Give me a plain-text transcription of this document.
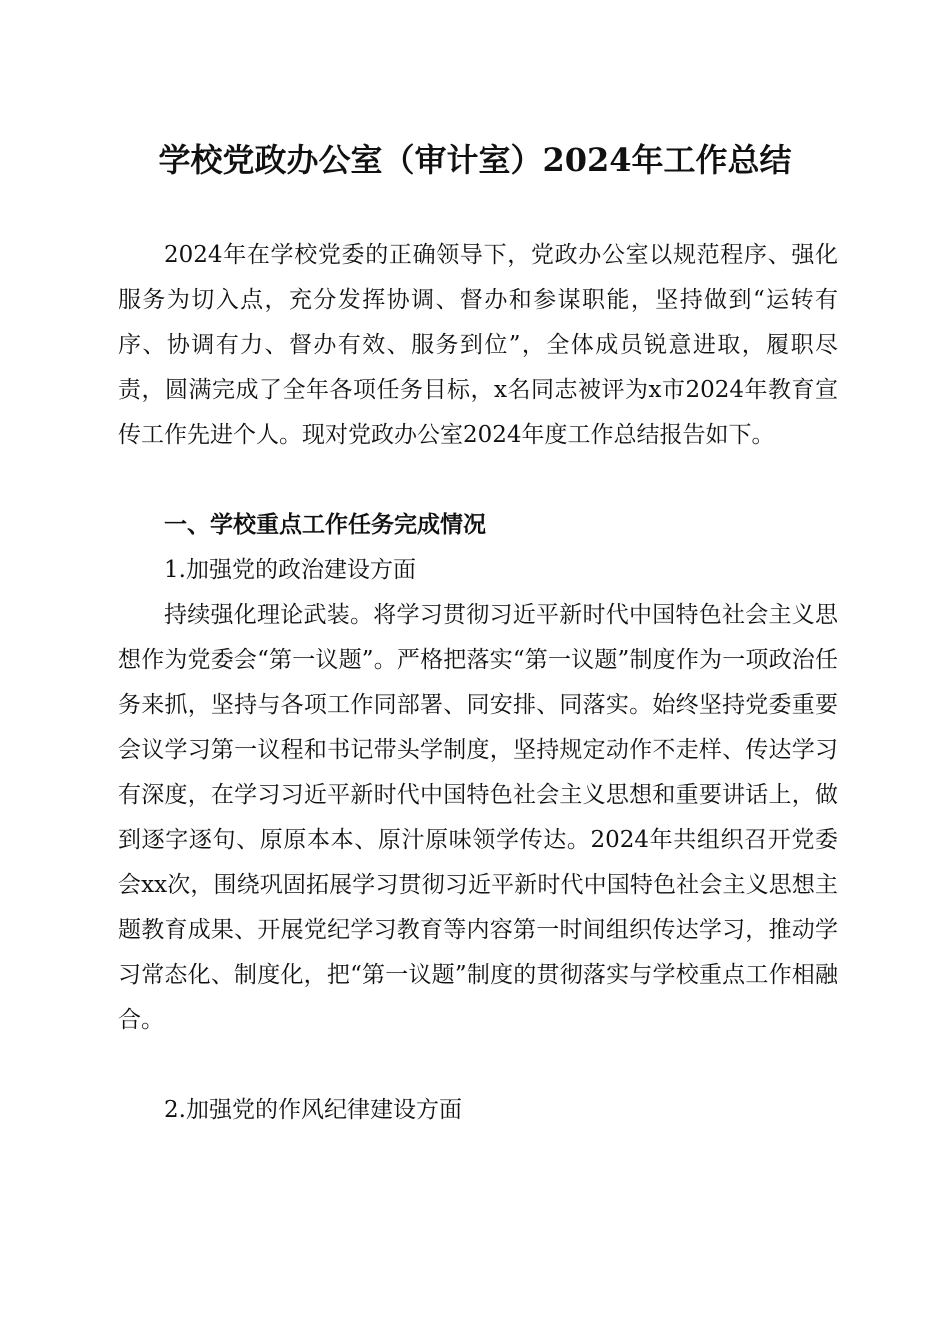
学校党政办公室（审计室）2024年工作总结

2024年在学校党委的正确领导下，党政办公室以规范程序、强化服务为切入点，充分发挥协调、督办和参谋职能，坚持做到“运转有序、协调有力、督办有效、服务到位”，全体成员锐意进取，履职尽责，圆满完成了全年各项任务目标，x名同志被评为x市2024年教育宣传工作先进个人。现对党政办公室2024年度工作总结报告如下。

一、学校重点工作任务完成情况
1.加强党的政治建设方面

持续强化理论武装。将学习贯彻习近平新时代中国特色社会主义思想作为党委会“第一议题”。严格把落实“第一议题”制度作为一项政治任务来抓，坚持与各项工作同部署、同安排、同落实。始终坚持党委重要会议学习第一议程和书记带头学制度，坚持规定动作不走样、传达学习有深度，在学习习近平新时代中国特色社会主义思想和重要讲话上，做到逐字逐句、原原本本、原汁原味领学传达。2024年共组织召开党委会xx次，围绕巩固拓展学习贯彻习近平新时代中国特色社会主义思想主题教育成果、开展党纪学习教育等内容第一时间组织传达学习，推动学习常态化、制度化，把“第一议题”制度的贯彻落实与学校重点工作相融合。

2.加强党的作风纪律建设方面
